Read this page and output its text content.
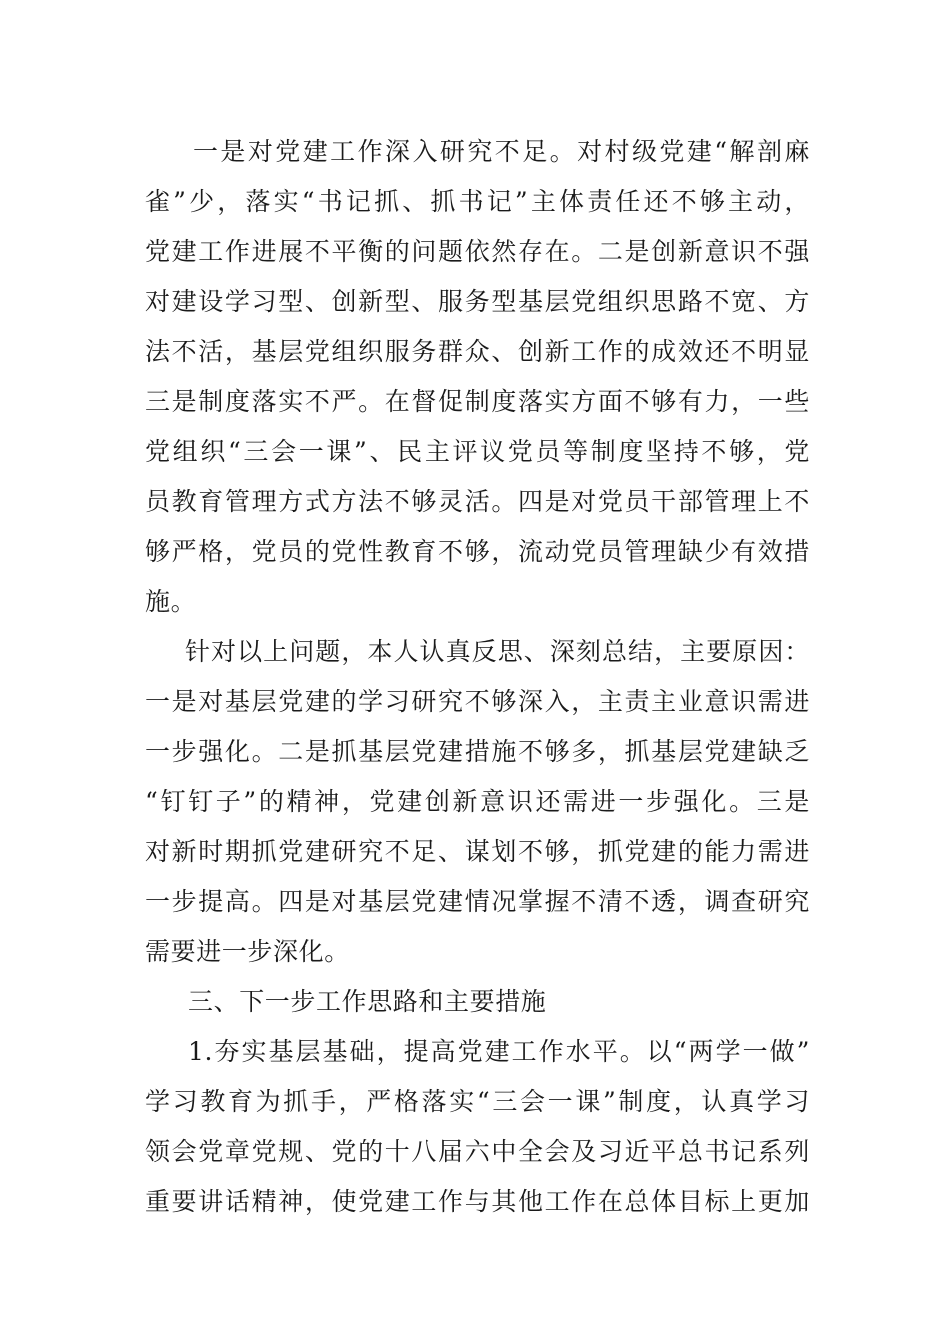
一是对党建工作深入研究不足。对村级党建“解剖麻
雀”少，落实“书记抓、抓书记”主体责任还不够主动，
党建工作进展不平衡的问题依然存在。二是创新意识不强
对建设学习型、创新型、服务型基层党组织思路不宽、方
法不活，基层党组织服务群众、创新工作的成效还不明显
三是制度落实不严。在督促制度落实方面不够有力，一些
党组织“三会一课”、民主评议党员等制度坚持不够，党
员教育管理方式方法不够灵活。四是对党员干部管理上不
够严格，党员的党性教育不够，流动党员管理缺少有效措
施。
针对以上问题，本人认真反思、深刻总结，主要原因：
一是对基层党建的学习研究不够深入，主责主业意识需进
一步强化。二是抓基层党建措施不够多，抓基层党建缺乏
“钉钉子”的精神，党建创新意识还需进一步强化。三是
对新时期抓党建研究不足、谋划不够，抓党建的能力需进
一步提高。四是对基层党建情况掌握不清不透，调查研究
需要进一步深化。
三、下一步工作思路和主要措施
1.夯实基层基础，提高党建工作水平。以“两学一做”
学习教育为抓手，严格落实“三会一课”制度，认真学习
领会党章党规、党的十八届六中全会及习近平总书记系列
重要讲话精神，使党建工作与其他工作在总体目标上更加
